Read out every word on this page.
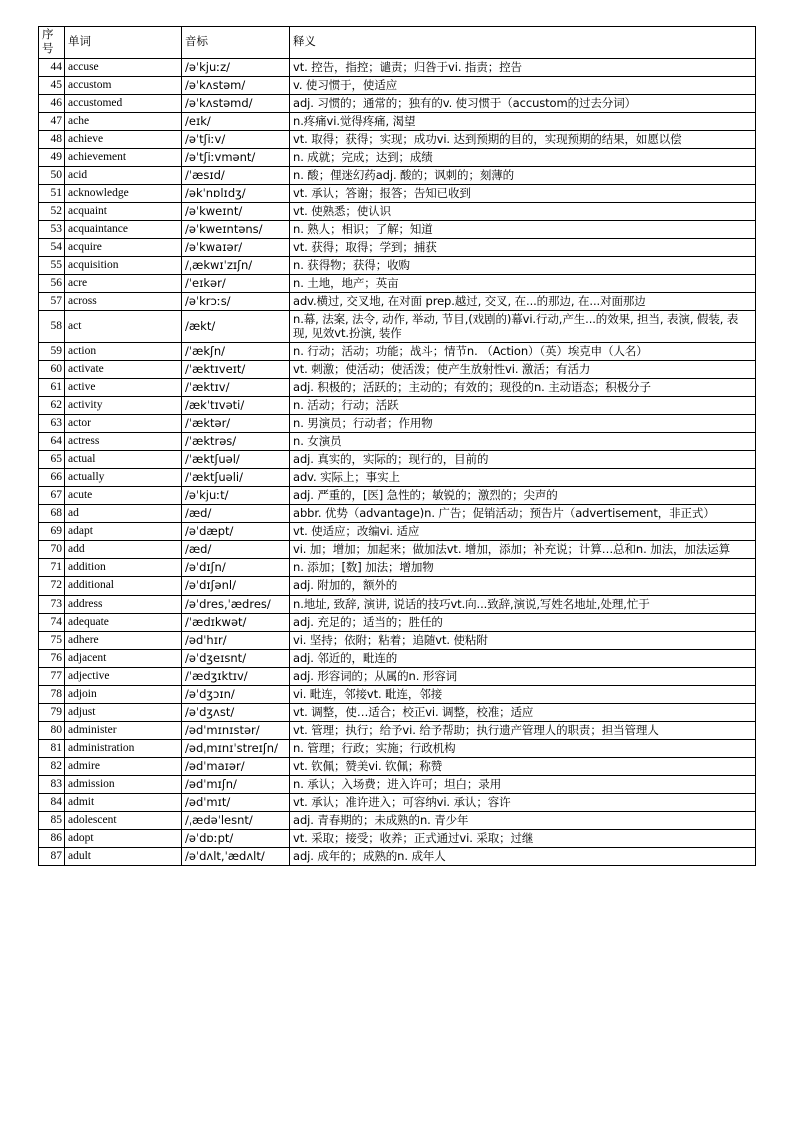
序号	单词	音标	释义
44	accuse	/əˈkjuːz/	vt. 控告，指控；谴责；归咎于vi. 指责；控告
45	accustom	/əˈkʌstəm/	v. 使习惯于，使适应
46	accustomed	/əˈkʌstəmd/	adj. 习惯的；通常的；独有的v. 使习惯于（accustom的过去分词）
47	ache	/eɪk/	n.疼痛vi.觉得疼痛, 渴望
48	achieve	/əˈtʃiːv/	vt. 取得；获得；实现；成功vi. 达到预期的目的，实现预期的结果，如愿以偿
49	achievement	/əˈtʃiːvmənt/	n. 成就；完成；达到；成绩
50	acid	/ˈæsɪd/	n. 酸；俚迷幻药adj. 酸的；讽刺的；刻薄的
51	acknowledge	/əkˈnɒlɪdʒ/	vt. 承认；答谢；报答；告知已收到
52	acquaint	/əˈkweɪnt/	vt. 使熟悉；使认识
53	acquaintance	/əˈkweɪntəns/	n. 熟人；相识；了解；知道
54	acquire	/əˈkwaɪər/	vt. 获得；取得；学到；捕获
55	acquisition	/ˌækwɪˈzɪʃn/	n. 获得物；获得；收购
56	acre	/ˈeɪkər/	n. 土地，地产；英亩
57	across	/əˈkrɔːs/	adv.横过, 交叉地, 在对面 prep.越过, 交叉, 在...的那边, 在...对面那边
58	act	/ækt/	n.幕, 法案, 法令, 动作, 举动, 节目,(戏剧的)幕vi.行动,产生...的效果, 担当, 表演, 假装, 表现, 见效vt.扮演, 装作
59	action	/ˈækʃn/	n. 行动；活动；功能；战斗；情节n. （Action）（英）埃克申（人名）
60	activate	/ˈæktɪveɪt/	vt. 刺激；使活动；使活泼；使产生放射性vi. 激活；有活力
61	active	/ˈæktɪv/	adj. 积极的；活跃的；主动的；有效的；现役的n. 主动语态；积极分子
62	activity	/ækˈtɪvəti/	n. 活动；行动；活跃
63	actor	/ˈæktər/	n. 男演员；行动者；作用物
64	actress	/ˈæktrəs/	n. 女演员
65	actual	/ˈæktʃuəl/	adj. 真实的，实际的；现行的，目前的
66	actually	/ˈæktʃuəli/	adv. 实际上；事实上
67	acute	/əˈkjuːt/	adj. 严重的，[医] 急性的；敏锐的；激烈的；尖声的
68	ad	/æd/	abbr. 优势（advantage)n. 广告；促销活动；预告片（advertisement，非正式）
69	adapt	/əˈdæpt/	vt. 使适应；改编vi. 适应
70	add	/æd/	vi. 加；增加；加起来；做加法vt. 增加，添加；补充说；计算…总和n. 加法，加法运算
71	addition	/əˈdɪʃn/	n. 添加；[数] 加法；增加物
72	additional	/əˈdɪʃənl/	adj. 附加的，额外的
73	address	/əˈdres,ˈædres/	n.地址, 致辞, 演讲, 说话的技巧vt.向...致辞,演说,写姓名地址,处理,忙于
74	adequate	/ˈædɪkwət/	adj. 充足的；适当的；胜任的
75	adhere	/ədˈhɪr/	vi. 坚持；依附；粘着；追随vt. 使粘附
76	adjacent	/əˈdʒeɪsnt/	adj. 邻近的，毗连的
77	adjective	/ˈædʒɪktɪv/	adj. 形容词的；从属的n. 形容词
78	adjoin	/əˈdʒɔɪn/	vi. 毗连，邻接vt. 毗连，邻接
79	adjust	/əˈdʒʌst/	vt. 调整，使…适合；校正vi. 调整，校准；适应
80	administer	/ədˈmɪnɪstər/	vt. 管理；执行；给予vi. 给予帮助；执行遗产管理人的职责；担当管理人
81	administration	/ədˌmɪnɪˈstreɪʃn/	n. 管理；行政；实施；行政机构
82	admire	/ədˈmaɪər/	vt. 钦佩；赞美vi. 钦佩；称赞
83	admission	/ədˈmɪʃn/	n. 承认；入场费；进入许可；坦白；录用
84	admit	/ədˈmɪt/	vt. 承认；准许进入；可容纳vi. 承认；容许
85	adolescent	/ˌædəˈlesnt/	adj. 青春期的；未成熟的n. 青少年
86	adopt	/əˈdɒːpt/	vt. 采取；接受；收养；正式通过vi. 采取；过继
87	adult	/əˈdʌlt,ˈædʌlt/	adj. 成年的；成熟的n. 成年人
